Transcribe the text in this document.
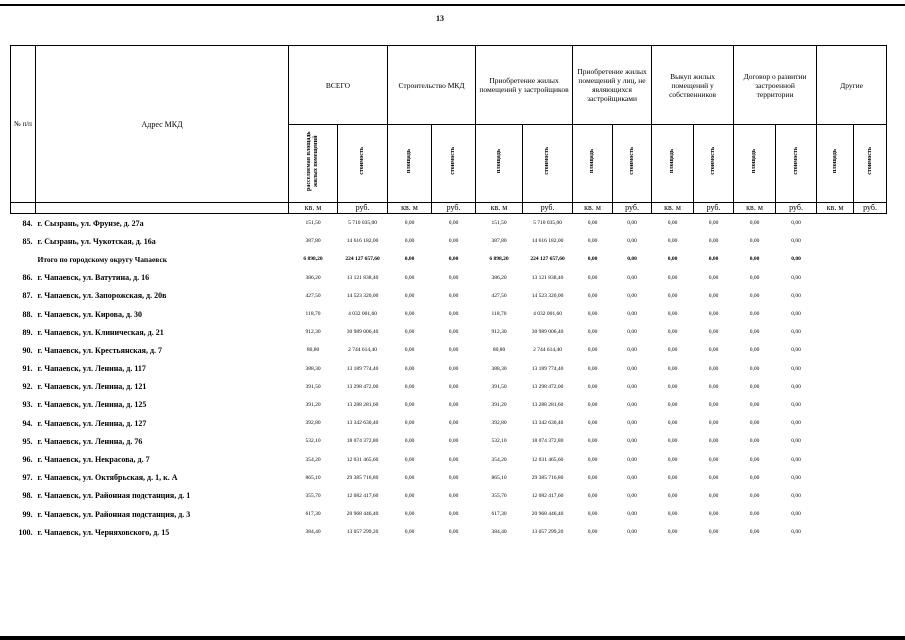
13
№ п/п	Адрес МКД	ВСЕГО		Строительство МКД		Приобретение жилых помещений у застройщиков		Приобретение жилых помещений у лиц, не являющихся застройщиками		Выкуп жилых помещений у собственников		Договор о развитии застроенной территории		Другие	

		расселяемая площадь жилых помещений	стоимость	площадь	стоимость	площадь	стоимость	площадь	стоимость	площадь	стоимость	площадь	стоимость	площадь	стоимость
		кв. м	руб.	кв. м	руб.	кв. м	руб.	кв. м	руб.	кв. м	руб.	кв. м	руб.	кв. м	руб.
84.	г. Сызрань, ул. Фрунзе, д. 27а	151,50	5 710 035,00	0,00	0,00	151,50	5 710 035,00	0,00	0,00	0,00	0,00	0,00	0,00		
85.	г. Сызрань, ул. Чукотская, д. 16а	387,80	14 616 182,00	0,00	0,00	387,80	14 616 182,00	0,00	0,00	0,00	0,00	0,00	0,00		
	Итого по городскому округу Чапаевск	6 898,20	224 127 657,60	0,00	0,00	6 898,20	224 127 657,60	0,00	0,00	0,00	0,00	0,00	0,00		
86.	г. Чапаевск, ул. Ватутина, д. 16	386,20	13 121 838,40	0,00	0,00	386,20	13 121 838,40	0,00	0,00	0,00	0,00	0,00	0,00		
87.	г. Чапаевск, ул. Запорожская, д. 20в	427,50	14 523 320,00	0,00	0,00	427,50	14 523 320,00	0,00	0,00	0,00	0,00	0,00	0,00		
88.	г. Чапаевск, ул. Кирова, д. 30	118,70	4 032 001,60	0,00	0,00	118,70	4 032 001,60	0,00	0,00	0,00	0,00	0,00	0,00		
89.	г. Чапаевск, ул. Клиническая, д. 21	912,30	30 989 006,40	0,00	0,00	912,30	30 989 006,40	0,00	0,00	0,00	0,00	0,00	0,00		
90.	г. Чапаевск, ул. Крестьянская, д. 7	80,80	2 744 614,40	0,00	0,00	80,80	2 744 614,40	0,00	0,00	0,00	0,00	0,00	0,00		
91.	г. Чапаевск, ул. Ленина, д. 117	388,30	13 189 774,40	0,00	0,00	388,30	13 189 774,40	0,00	0,00	0,00	0,00	0,00	0,00		
92.	г. Чапаевск, ул. Ленина, д. 121	391,50	13 298 472,00	0,00	0,00	391,50	13 298 472,00	0,00	0,00	0,00	0,00	0,00	0,00		
93.	г. Чапаевск, ул. Ленина, д. 125	391,20	13 288 281,60	0,00	0,00	391,20	13 288 281,60	0,00	0,00	0,00	0,00	0,00	0,00		
94.	г. Чапаевск, ул. Ленина, д. 127	392,80	13 342 630,40	0,00	0,00	392,80	13 342 630,40	0,00	0,00	0,00	0,00	0,00	0,00		
95.	г. Чапаевск, ул. Ленина, д. 76	532,10	18 074 372,80	0,00	0,00	532,10	18 074 372,80	0,00	0,00	0,00	0,00	0,00	0,00		
96.	г. Чапаевск, ул. Некрасова, д. 7	354,20	12 031 465,60	0,00	0,00	354,20	12 031 465,60	0,00	0,00	0,00	0,00	0,00	0,00		
97.	г. Чапаевск, ул. Октябрьская, д. 1, к. А	865,10	29 385 716,80	0,00	0,00	865,10	29 385 716,80	0,00	0,00	0,00	0,00	0,00	0,00		
98.	г. Чапаевск, ул. Районная подстанция, д. 1	355,70	12 082 417,60	0,00	0,00	355,70	12 082 417,60	0,00	0,00	0,00	0,00	0,00	0,00		
99.	г. Чапаевск, ул. Районная подстанция, д. 3	617,30	20 968 446,40	0,00	0,00	617,30	20 968 446,40	0,00	0,00	0,00	0,00	0,00	0,00		
100.	г. Чапаевск, ул. Черняховского, д. 15	384,40	13 057 299,20	0,00	0,00	384,40	13 057 299,20	0,00	0,00	0,00	0,00	0,00	0,00		
